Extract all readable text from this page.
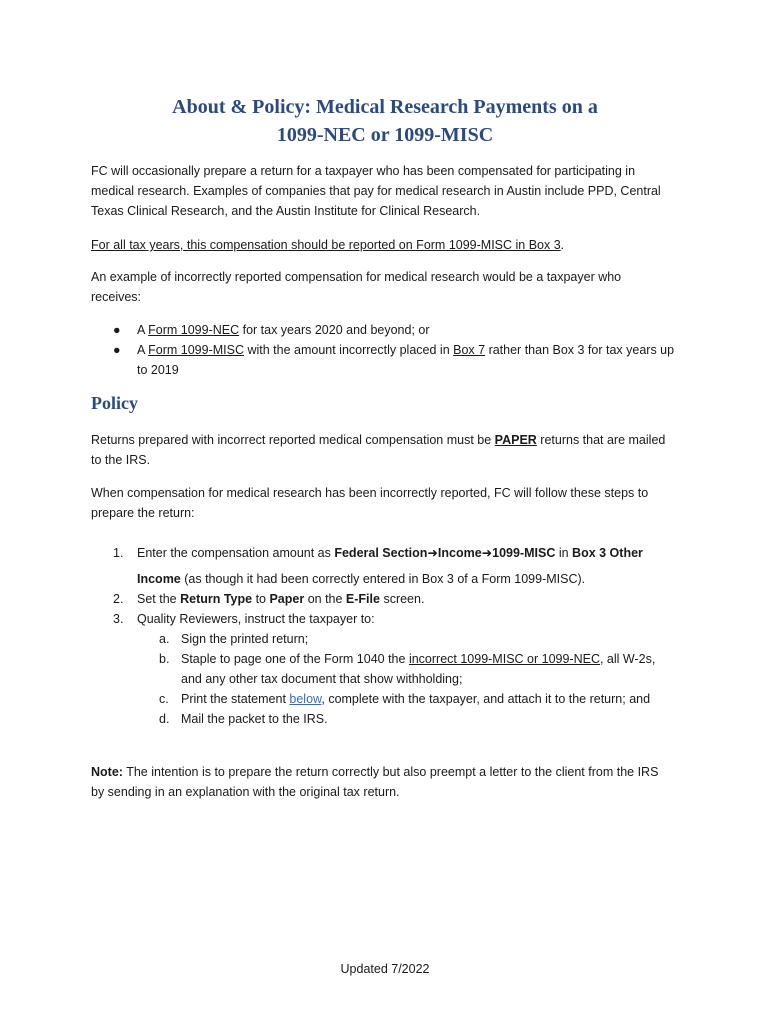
About & Policy: Medical Research Payments on a
1099-NEC or 1099-MISC

FC will occasionally prepare a return for a taxpayer who has been compensated for participating in
medical research. Examples of companies that pay for medical research in Austin include PPD, Central
Texas Clinical Research, and the Austin Institute for Clinical Research.

For all tax years, this compensation should be reported on Form 1099-MISC in Box 3.

An example of incorrectly reported compensation for medical research would be a taxpayer who
receives:

● A Form 1099-NEC for tax years 2020 and beyond; or
● A Form 1099-MISC with the amount incorrectly placed in Box 7 rather than Box 3 for tax years up
to 2019
Policy

Returns prepared with incorrect reported medical compensation must be PAPER returns that are mailed
to the IRS.

When compensation for medical research has been incorrectly reported, FC will follow these steps to
prepare the return:

1. Enter the compensation amount as Federal Section➜Income➜1099-MISC in Box 3 Other
Income (as though it had been correctly entered in Box 3 of a Form 1099-MISC).
2. Set the Return Type to Paper on the E-File screen.
3. Quality Reviewers, instruct the taxpayer to:
a. Sign the printed return;
b. Staple to page one of the Form 1040 the incorrect 1099-MISC or 1099-NEC, all W-2s,
and any other tax document that show withholding;
c. Print the statement below, complete with the taxpayer, and attach it to the return; and
d. Mail the packet to the IRS.

Note: The intention is to prepare the return correctly but also preempt a letter to the client from the IRS
by sending in an explanation with the original tax return.

Updated 7/2022
